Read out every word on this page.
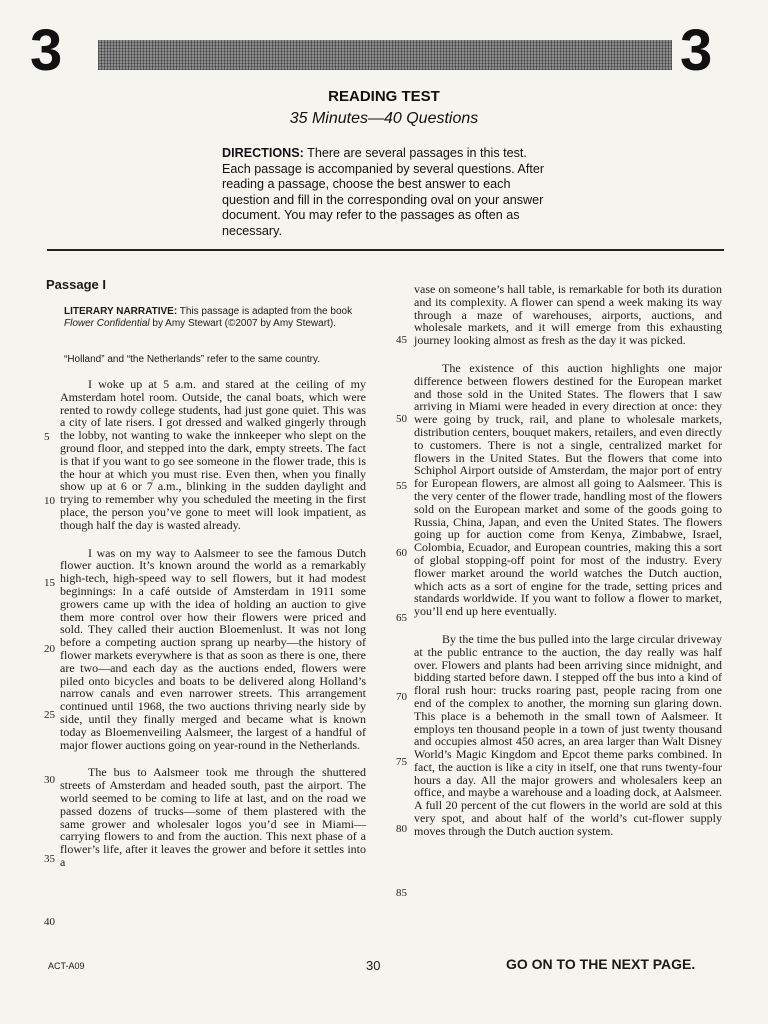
3	3
READING TEST
35 Minutes—40 Questions
DIRECTIONS: There are several passages in this test. Each passage is accompanied by several questions. After reading a passage, choose the best answer to each question and fill in the corresponding oval on your answer document. You may refer to the passages as often as necessary.
Passage I
LITERARY NARRATIVE: This passage is adapted from the book Flower Confidential by Amy Stewart (©2007 by Amy Stewart).
“Holland” and “the Netherlands” refer to the same country.

I woke up at 5 a.m. and stared at the ceiling of my Amsterdam hotel room. Outside, the canal boats, which were rented to rowdy college students, had just gone quiet. This was a city of late risers. I got dressed and walked gingerly through the lobby, not wanting to wake the innkeeper who slept on the ground floor, and stepped into the dark, empty streets. The fact is that if you want to go see someone in the flower trade, this is the hour at which you must rise. Even then, when you finally show up at 6 or 7 a.m., blinking in the sudden daylight and trying to remember why you scheduled the meeting in the first place, the person you’ve gone to meet will look impatient, as though half the day is wasted already.

I was on my way to Aalsmeer to see the famous Dutch flower auction. It’s known around the world as a remarkably high-tech, high-speed way to sell flowers, but it had modest beginnings: In a café outside of Amsterdam in 1911 some growers came up with the idea of holding an auction to give them more control over how their flowers were priced and sold. They called their auction Bloemenlust. It was not long before a competing auction sprang up nearby—the history of flower markets everywhere is that as soon as there is one, there are two—and each day as the auctions ended, flowers were piled onto bicycles and boats to be delivered along Holland’s narrow canals and even narrower streets. This arrangement continued until 1968, the two auctions thriving nearly side by side, until they finally merged and became what is known today as Bloemenveiling Aalsmeer, the largest of a handful of major flower auctions going on year-round in the Netherlands.

The bus to Aalsmeer took me through the shuttered streets of Amsterdam and headed south, past the airport. The world seemed to be coming to life at last, and on the road we passed dozens of trucks—some of them plastered with the same grower and wholesaler logos you’d see in Miami—carrying flowers to and from the auction. This next phase of a flower’s life, after it leaves the grower and before it settles into a

vase on someone’s hall table, is remarkable for both its duration and its complexity. A flower can spend a week making its way through a maze of warehouses, airports, auctions, and wholesale markets, and it will emerge from this exhausting journey looking almost as fresh as the day it was picked.

The existence of this auction highlights one major difference between flowers destined for the European market and those sold in the United States. The flowers that I saw arriving in Miami were headed in every direction at once: they were going by truck, rail, and plane to wholesale markets, distribution centers, bouquet makers, retailers, and even directly to customers. There is not a single, centralized market for flowers in the United States. But the flowers that come into Schiphol Airport outside of Amsterdam, the major port of entry for European flowers, are almost all going to Aalsmeer. This is the very center of the flower trade, handling most of the flowers sold on the European market and some of the goods going to Russia, China, Japan, and even the United States. The flowers going up for auction come from Kenya, Zimbabwe, Israel, Colombia, Ecuador, and European countries, making this a sort of global stopping-off point for most of the industry. Every flower market around the world watches the Dutch auction, which acts as a sort of engine for the trade, setting prices and standards worldwide. If you want to follow a flower to market, you’ll end up here eventually.

By the time the bus pulled into the large circular driveway at the public entrance to the auction, the day really was half over. Flowers and plants had been arriving since midnight, and bidding started before dawn. I stepped off the bus into a kind of floral rush hour: trucks roaring past, people racing from one end of the complex to another, the morning sun glaring down. This place is a behemoth in the small town of Aalsmeer. It employs ten thousand people in a town of just twenty thousand and occupies almost 450 acres, an area larger than Walt Disney World’s Magic Kingdom and Epcot theme parks combined. In fact, the auction is like a city in itself, one that runs twenty-four hours a day. All the major growers and wholesalers keep an office, and maybe a warehouse and a loading dock, at Aalsmeer. A full 20 percent of the cut flowers in the world are sold at this very spot, and about half of the world’s cut-flower supply moves through the Dutch auction system.

5
10
15
20
25
30
35
40
45
50
55
60
65
70
75
80
85
ACT-A09	30	GO ON TO THE NEXT PAGE.
